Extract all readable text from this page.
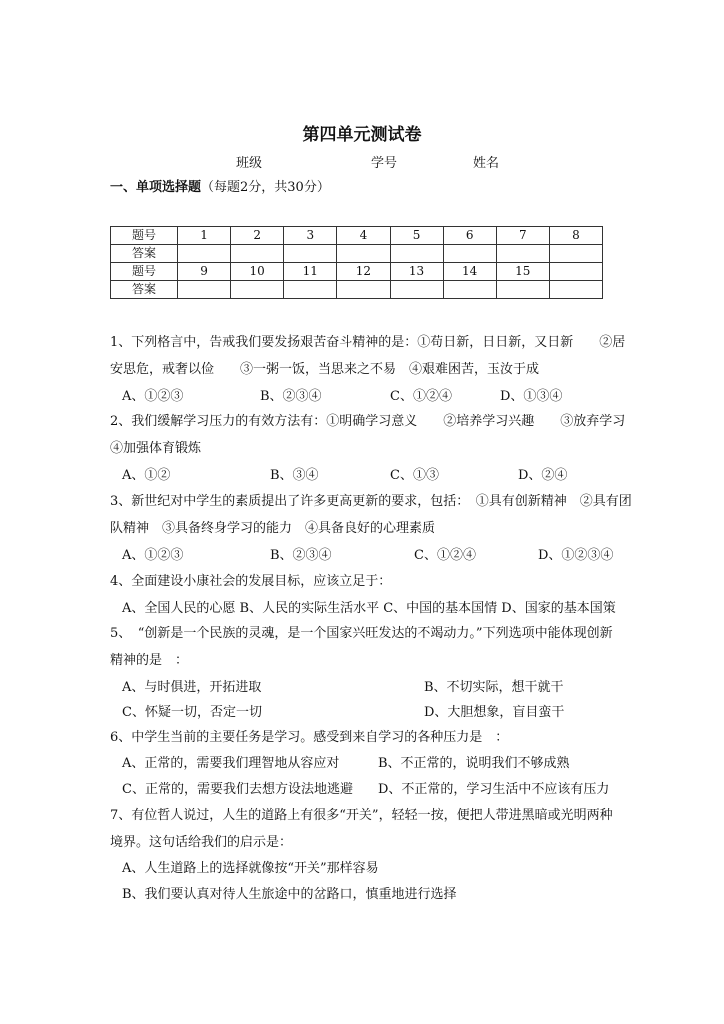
第四单元测试卷
班级	学号	姓名
一、单项选择题（每题2分，共30分）
题号	1	2	3	4	5	6	7	8
答案								
题号	9	10	11	12	13	14	15	
答案								
1、下列格言中，告戒我们要发扬艰苦奋斗精神的是：①苟日新，日日新，又日新　　②居
安思危，戒奢以俭　　③一粥一饭，当思来之不易　④艰难困苦，玉汝于成
A、①②③	B、②③④	C、①②④	D、①③④
2、我们缓解学习压力的有效方法有：①明确学习意义　　②培养学习兴趣　　③放弃学习
④加强体育锻炼
A、①②	B、③④	C、①③	D、②④
3、新世纪对中学生的素质提出了许多更高更新的要求，包括：　①具有创新精神　②具有团
队精神　③具备终身学习的能力　④具备良好的心理素质
A、①②③	B、②③④	C、①②④	D、①②③④
4、全面建设小康社会的发展目标，应该立足于：
A、全国人民的心愿 B、人民的实际生活水平 C、中国的基本国情 D、国家的基本国策
5、　“创新是一个民族的灵魂，是一个国家兴旺发达的不竭动力。”下列选项中能体现创新
精神的是　：
A、与时俱进，开拓进取	B、不切实际，想干就干
C、怀疑一切，否定一切	D、大胆想象，盲目蛮干
6、中学生当前的主要任务是学习。感受到来自学习的各种压力是　：
A、正常的，需要我们理智地从容应对	B、不正常的，说明我们不够成熟
C、正常的，需要我们去想方设法地逃避 D、不正常的，学习生活中不应该有压力
7、有位哲人说过，人生的道路上有很多“开关”，轻轻一按，便把人带进黑暗或光明两种
境界。这句话给我们的启示是：
A、人生道路上的选择就像按“开关”那样容易
B、我们要认真对待人生旅途中的岔路口，慎重地进行选择
